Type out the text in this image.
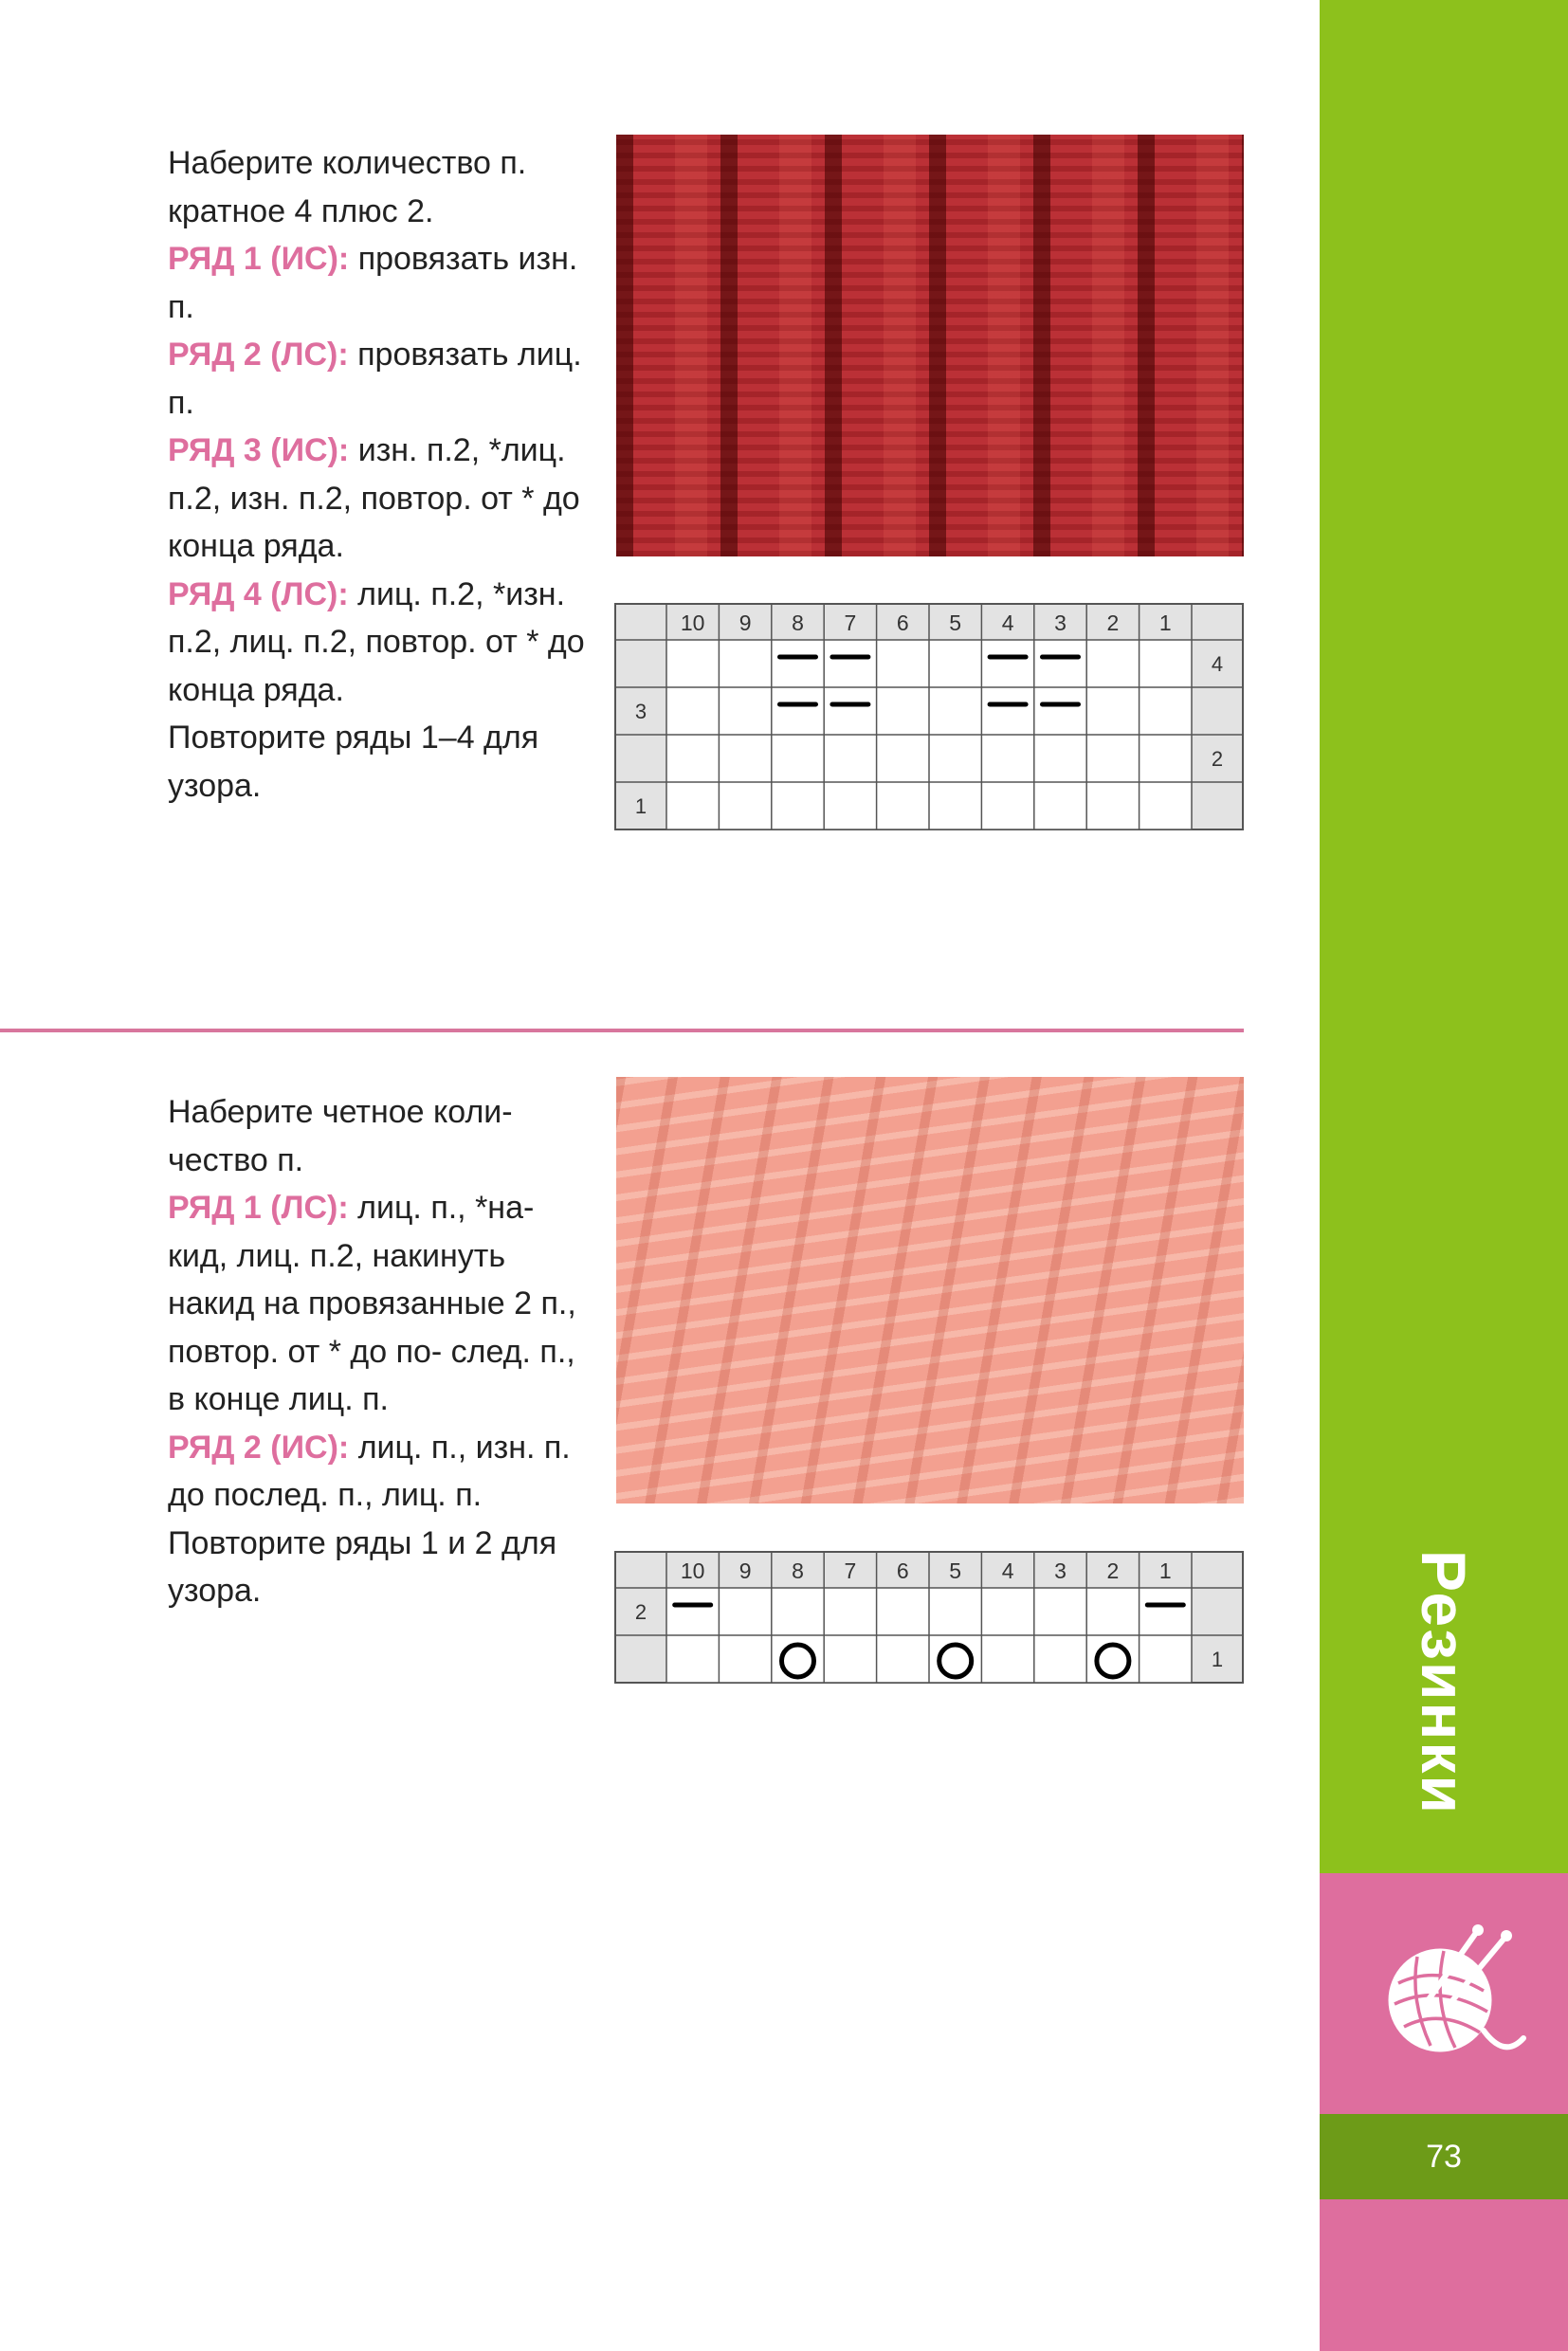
Наберите количество п. кратное 4 плюс 2.

РЯД 1 (ИС): провязать изн. п.

РЯД 2 (ЛС): провязать лиц. п.

РЯД 3 (ИС): изн. п.2, *лиц. п.2, изн. п.2, повтор. от * до конца ряда.

РЯД 4 (ЛС): лиц. п.2, *изн. п.2, лиц. п.2, повтор. от * до конца ряда.

Повторите ряды 1–4 для узора.

10 9 8 7 6 5 4 3 2 1
4
3
2
1

Наберите четное коли- чество п.

РЯД 1 (ЛС): лиц. п., *на- кид, лиц. п.2, накинуть накид на провязанные 2 п., повтор. от * до по- след. п., в конце лиц. п.

РЯД 2 (ИС): лиц. п., изн. п. до послед. п., лиц. п.

Повторите ряды 1 и 2 для узора.

10 9 8 7 6 5 4 3 2 1
2
1	Резинки
73
